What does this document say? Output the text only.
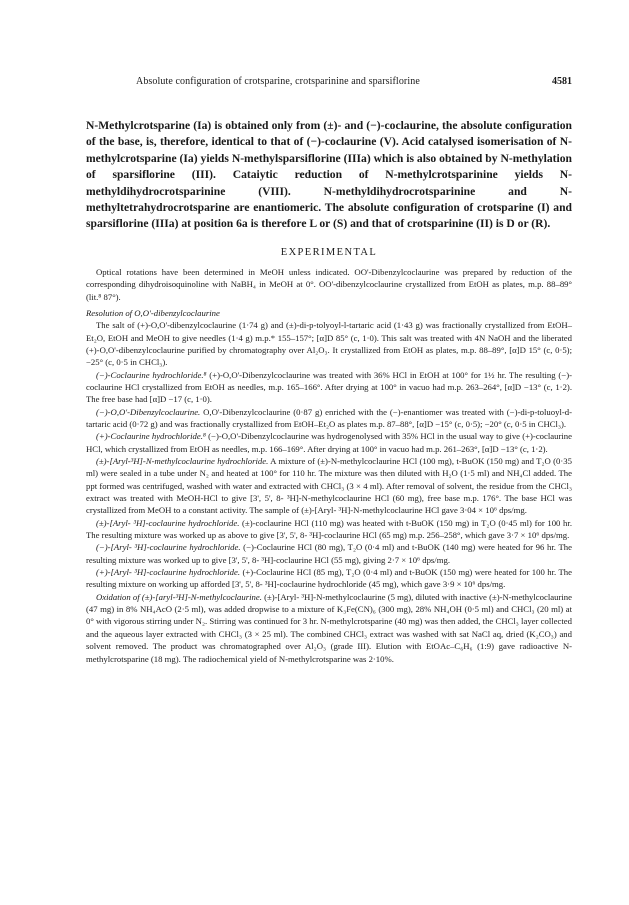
Absolute configuration of crotsparine, crotsparinine and sparsiflorine	4581
N-Methylcrotsparine (Ia) is obtained only from (±)- and (−)-coclaurine, the absolute configuration of the base, is, therefore, identical to that of (−)-coclaurine (V). Acid catalysed isomerisation of N-methylcrotsparine (Ia) yields N-methylsparsiflorine (IIIa) which is also obtained by N-methylation of sparsiflorine (III). Cataiytic reduction of N-methylcrotsparinine yields N-methyldihydrocrotsparinine (VIII). N-methyldihydrocrotsparinine and N-methyltetrahydrocrotsparine are enantiomeric. The absolute configuration of crotsparine (I) and sparsiflorine (IIIa) at position 6a is therefore L or (S) and that of crotsparinine (II) is D or (R).
EXPERIMENTAL

Optical rotations have been determined in MeOH unless indicated. OO'-Dibenzylcoclaurine was prepared by reduction of the corresponding dihydroisoquinoline with NaBH₄ in MeOH at 0°. OO'-dibenzylcoclaurine crystallized from EtOH as plates, m.p. 88–89° (lit.⁸ 87°).

Resolution of O,O'-dibenzylcoclaurine

The salt of (+)-O,O'-dibenzylcoclaurine (1·74 g) and (±)-di-p-tolyoyl-l-tartaric acid (1·43 g) was fractionally crystallized from EtOH–Et₂O, EtOH and MeOH to give needles (1·4 g) m.p.* 155–157°; [α]D 85° (c, 1·0). This salt was treated with 4N NaOH and the liberated (+)-O,O'-dibenzylcoclaurine purified by chromatography over Al₂O₃. It crystallized from EtOH as plates, m.p. 88–89°, [α]D 15° (c, 0·5); −25° (c, 0·5 in CHCl₃).

(−)-Coclaurine hydrochloride.⁸ (+)-O,O'-Dibenzylcoclaurine was treated with 36% HCl in EtOH at 100° for 1½ hr. The resulting (−)-coclaurine HCl crystallized from EtOH as needles, m.p. 165–166°. After drying at 100° in vacuo had m.p. 263–264°, [α]D −13° (c, 1·2). The free base had [α]D −17 (c, 1·0).

(−)-O,O'-Dibenzylcoclaurine. O,O'-Dibenzylcoclaurine (0·87 g) enriched with the (−)-enantiomer was treated with (−)-di-p-toluoyl-d-tartaric acid (0·72 g) and was fractionally crystallized from EtOH–Et₂O as plates m.p. 87–88°, [α]D −15° (c, 0·5); −20° (c, 0·5 in CHCl₃).

(+)-Coclaurine hydrochloride.⁸ (−)-O,O'-Dibenzylcoclaurine was hydrogenolysed with 35% HCl in the usual way to give (+)-coclaurine HCl, which crystallized from EtOH as needles, m.p. 166–169°. After drying at 100° in vacuo had m.p. 261–263°, [α]D −13° (c, 1·2).

(±)-[Aryl-³H]-N-methylcoclaurine hydrochloride. A mixture of (±)-N-methylcoclaurine HCl (100 mg), t-BuOK (150 mg) and T₂O (0·35 ml) were sealed in a tube under N₂ and heated at 100° for 110 hr. The mixture was then diluted with H₂O (1·5 ml) and NH₄Cl added. The ppt formed was centrifuged, washed with water and extracted with CHCl₃ (3 × 4 ml). After removal of solvent, the residue from the CHCl₃ extract was treated with MeOH-HCl to give [3', 5', 8- ³H]-N-methylcoclaurine HCl (60 mg), free base m.p. 176°. The base HCl was crystallized from MeOH to a constant activity. The sample of (±)-[Aryl- ³H]-N-methylcoclaurine HCl gave 3·04 × 10⁶ dps/mg.

(±)-[Aryl- ³H]-coclaurine hydrochloride. (±)-coclaurine HCl (110 mg) was heated with t-BuOK (150 mg) in T₂O (0·45 ml) for 100 hr. The resulting mixture was worked up as above to give [3', 5', 8- ³H]-coclaurine HCl (65 mg) m.p. 256–258°, which gave 3·7 × 10⁶ dps/mg.

(−)-[Aryl- ³H]-coclaurine hydrochloride. (−)-Coclaurine HCl (80 mg), T₂O (0·4 ml) and t-BuOK (140 mg) were heated for 96 hr. The resulting mixture was worked up to give [3', 5', 8- ³H]-coclaurine HCl (55 mg), giving 2·7 × 10⁶ dps/mg.

(+)-[Aryl- ³H]-coclaurine hydrochloride. (+)-Coclaurine HCl (85 mg), T₂O (0·4 ml) and t-BuOK (150 mg) were heated for 100 hr. The resulting mixture on working up afforded [3', 5', 8- ³H]-coclaurine hydrochloride (45 mg), which gave 3·9 × 10⁶ dps/mg.

Oxidation of (±)-[aryl-³H]-N-methylcoclaurine. (±)-[Aryl- ³H]-N-methylcoclaurine (5 mg), diluted with inactive (±)-N-methylcoclaurine (47 mg) in 8% NH₄AcO (2·5 ml), was added dropwise to a mixture of K₃Fe(CN)₆ (300 mg), 28% NH₄OH (0·5 ml) and CHCl₃ (20 ml) at 0° with vigorous stirring under N₂. Stirring was continued for 3 hr. N-methylcrotsparine (40 mg) was then added, the CHCl₃ layer collected and the aqueous layer extracted with CHCl₃ (3 × 25 ml). The combined CHCl₃ extract was washed with sat NaCl aq, dried (K₂CO₃) and solvent removed. The product was chromatographed over Al₂O₃ (grade III). Elution with EtOAc–C₆H₆ (1:9) gave radioactive N-methylcrotsparine (18 mg). The radiochemical yield of N-methylcrotsparine was 2·10%.
